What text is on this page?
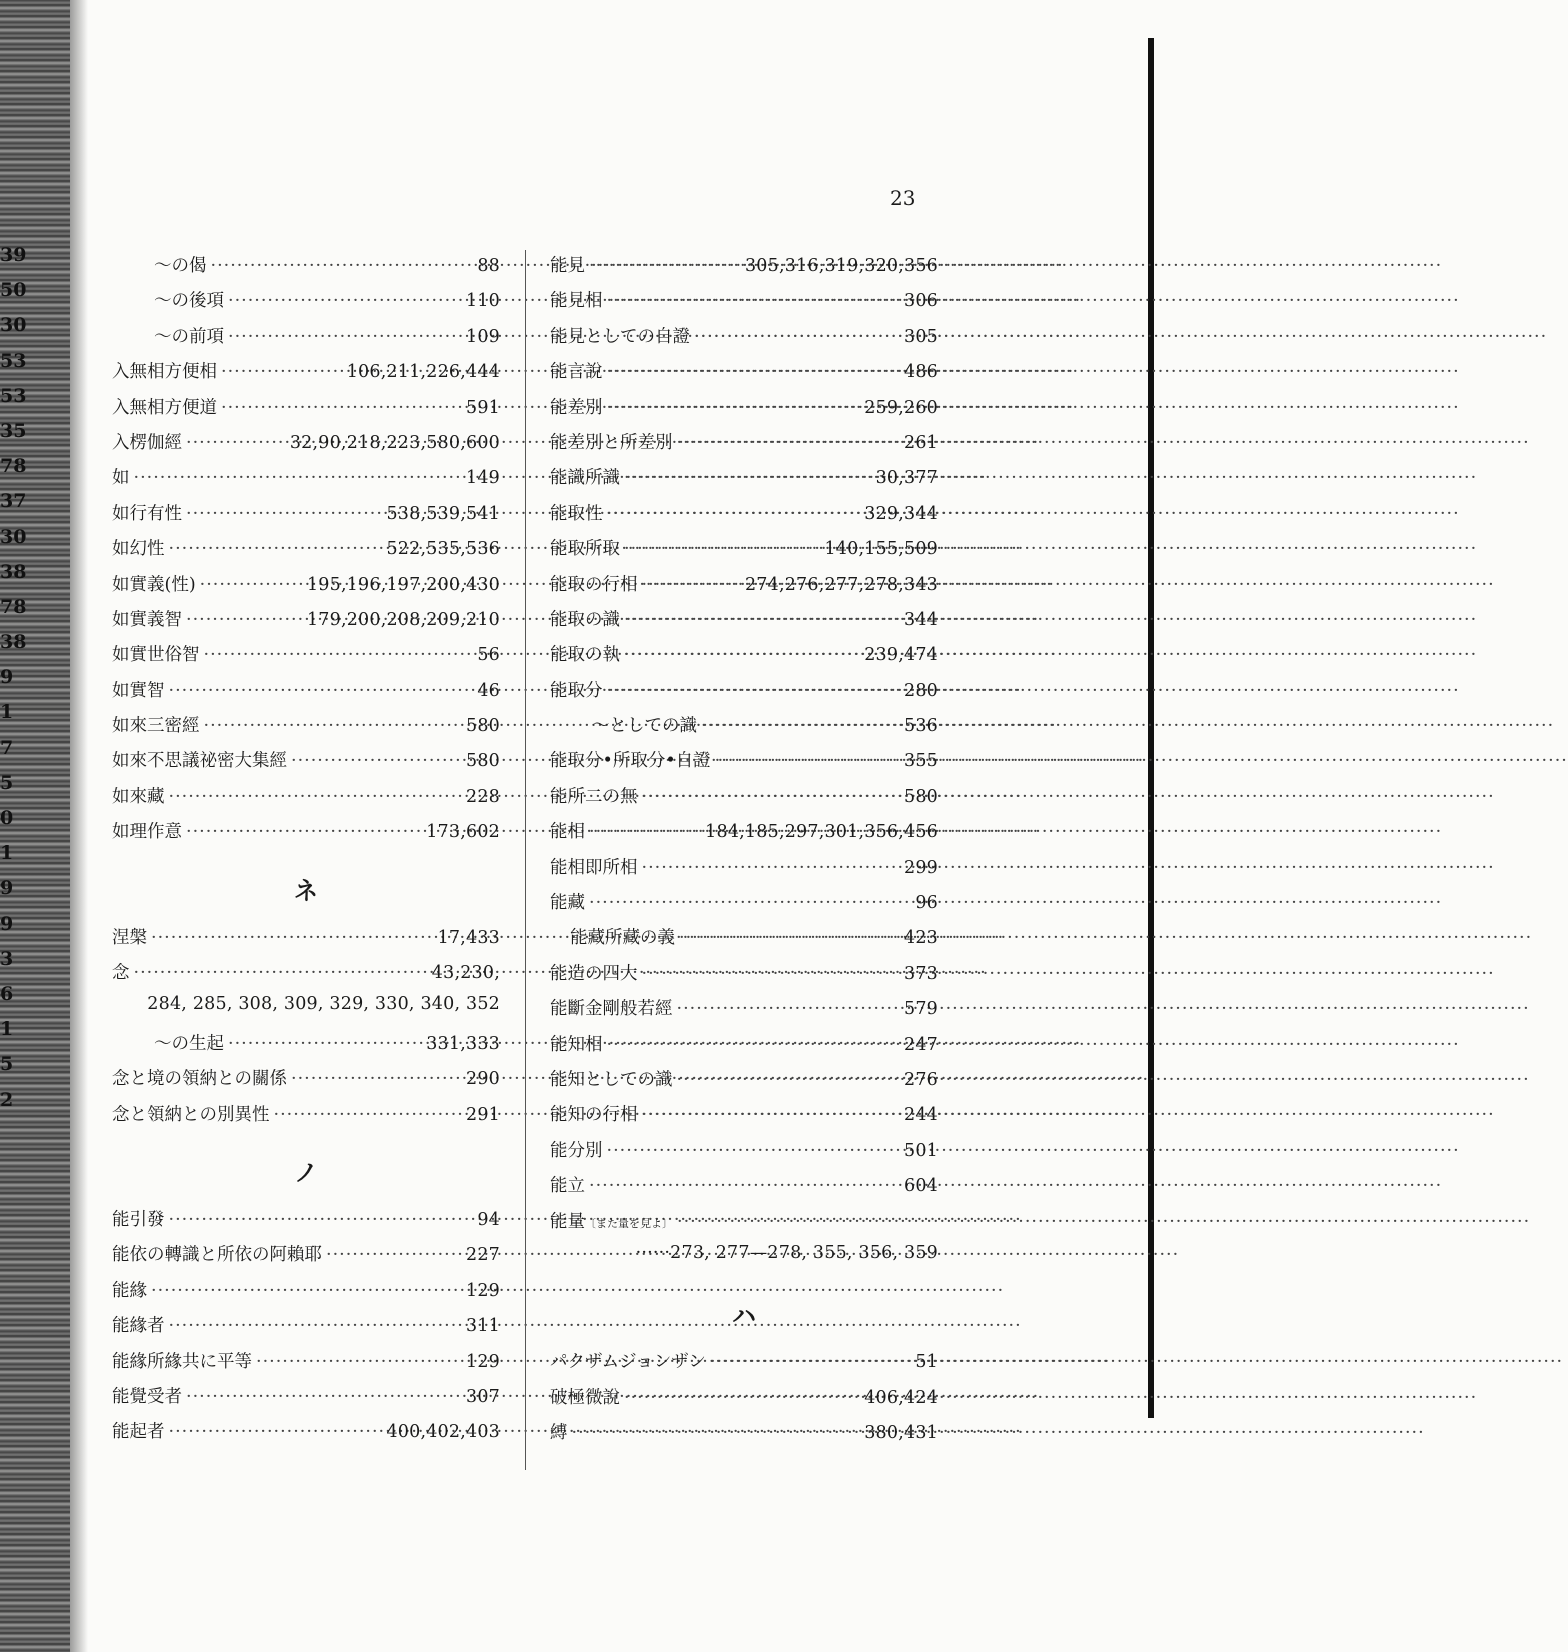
39
50
30
53
53
35
78
37
30
38
78
38
9
1
7
5
0
1
9
9
3
6
1
5
2
23
〜の偈 ·····	88
〜の後項 ·····	110
〜の前項 ·····	109
入無相方便相 ·····	106,211,226,444
入無相方便道 ·····	591
入楞伽經 ·····	32,90,218,223,580,600
如 ·····	149
如行有性 ·····	538,539,541
如幻性 ·····	522,535,536
如實義(性) ·····	195,196,197,200,430
如實義智 ·····	179,200,208,209,210
如實世俗智 ·····	56
如實智 ·····	46
如來三密經 ·····	580
如來不思議祕密大集經 ·····	580
如來藏 ·····	228
如理作意 ·····	173,602
ネ
涅槃 ·····	17,433
念 ·····	43,230,
284, 285, 308, 309, 329, 330, 340, 352
〜の生起 ·····	331,333
念と境の領納との關係 ·····	290
念と領納との別異性 ·····	291
ノ
能引發 ·····	94
能依の轉識と所依の阿賴耶 ·····	227
能緣 ·····	129
能緣者 ·····	311
能緣所緣共に平等 ·····	129
能覺受者 ·····	307
能起者 ·····	400,402,403
能見 ·····	305,316,319,320,356
能見相 ·····	306
能見としての自證 ·····	305
能言說 ·····	486
能差別 ·····	259,260
能差別と所差別 ·····	261
能識所識 ·····	30,377
能取性 ·····	329,344
能取所取 ·····	140,155,509
能取の行相 ·····	274,276,277,278,343
能取の識 ·····	344
能取の執 ·····	239,474
能取分 ·····	280
〜としての識 ·····	536
能取分•所取分•自證 ·····	355
能所二の無 ·····	580
能相 ·····	184,185,297,301,356,456
能相即所相 ·····	299
能藏 ·····	96
能藏所藏の義 ·····	423
能造の四大 ·····	373
能斷金剛般若經 ·····	579
能知相 ·····	247
能知としての識 ·····	276
能知の行相 ·····	244
能分別 ·····	501
能立 ·····	604
能量 〔また量を見よ〕
·····
······273, 277—278, 355, 356, 359
ハ
パクザムジョンザン ·····	51
破極微說 ·····	406,424
縛 ·····	380,431
